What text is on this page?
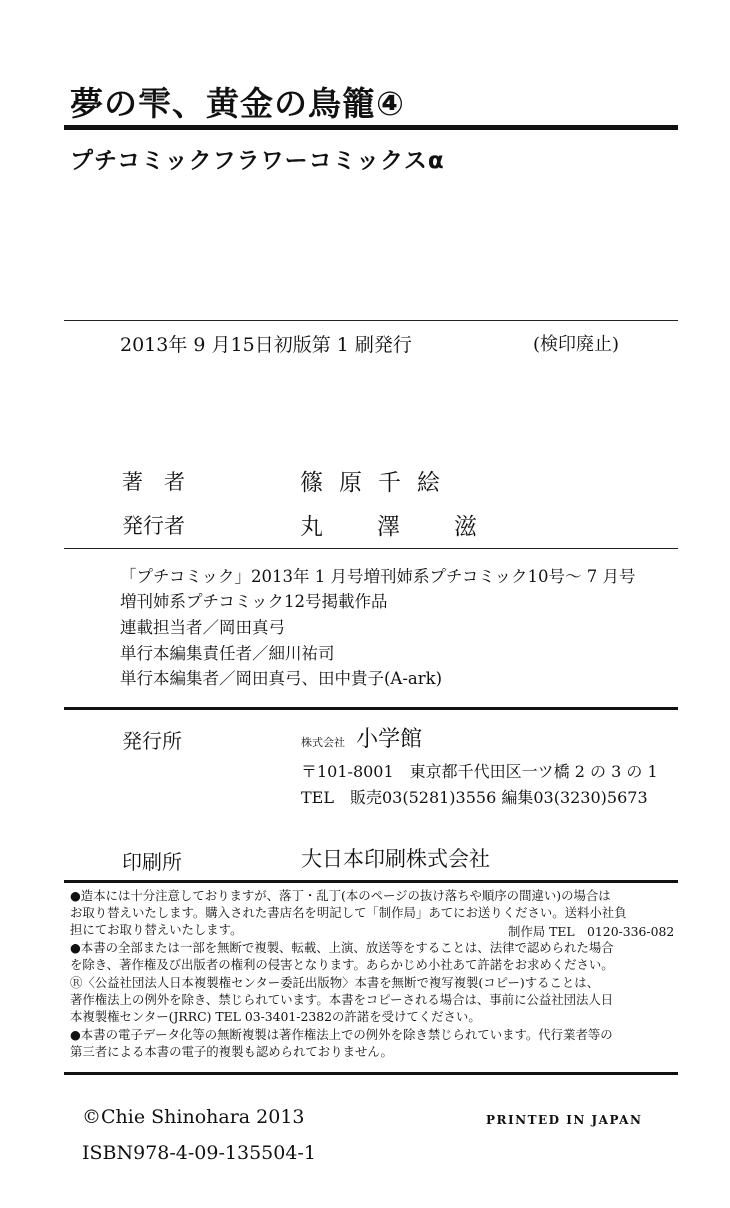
夢の雫、黄金の鳥籠④
プチコミックフラワーコミックスα
2013年 9 月15日初版第 1 刷発行	(検印廃止)
著　者	篠原千絵
発行者	丸澤滋
「プチコミック」2013年 1 月号増刊姉系プチコミック10号～ 7 月号
増刊姉系プチコミック12号掲載作品
連載担当者／岡田真弓
単行本編集責任者／細川祐司
単行本編集者／岡田真弓、田中貴子(A-ark)
発行所	株式会社 小学館
〒101-8001　東京都千代田区一ツ橋 2 の 3 の 1
TEL　販売03(5281)3556 編集03(3230)5673
印刷所	大日本印刷株式会社
●造本には十分注意しておりますが、落丁・乱丁(本のページの抜け落ちや順序の間違い)の場合は
お取り替えいたします。購入された書店名を明記して「制作局」あてにお送りください。送料小社負
担にてお取り替えいたします。	制作局 TEL　0120-336-082
●本書の全部または一部を無断で複製、転載、上演、放送等をすることは、法律で認められた場合
を除き、著作権及び出版者の権利の侵害となります。あらかじめ小社あて許諾をお求めください。
Ⓡ〈公益社団法人日本複製権センター委託出版物〉本書を無断で複写複製(コピー)することは、
著作権法上の例外を除き、禁じられています。本書をコピーされる場合は、事前に公益社団法人日
本複製権センター(JRRC) TEL 03-3401-2382の許諾を受けてください。
●本書の電子データ化等の無断複製は著作権法上での例外を除き禁じられています。代行業者等の
第三者による本書の電子的複製も認められておりません。
©Chie Shinohara 2013	PRINTED IN JAPAN
ISBN978-4-09-135504-1
